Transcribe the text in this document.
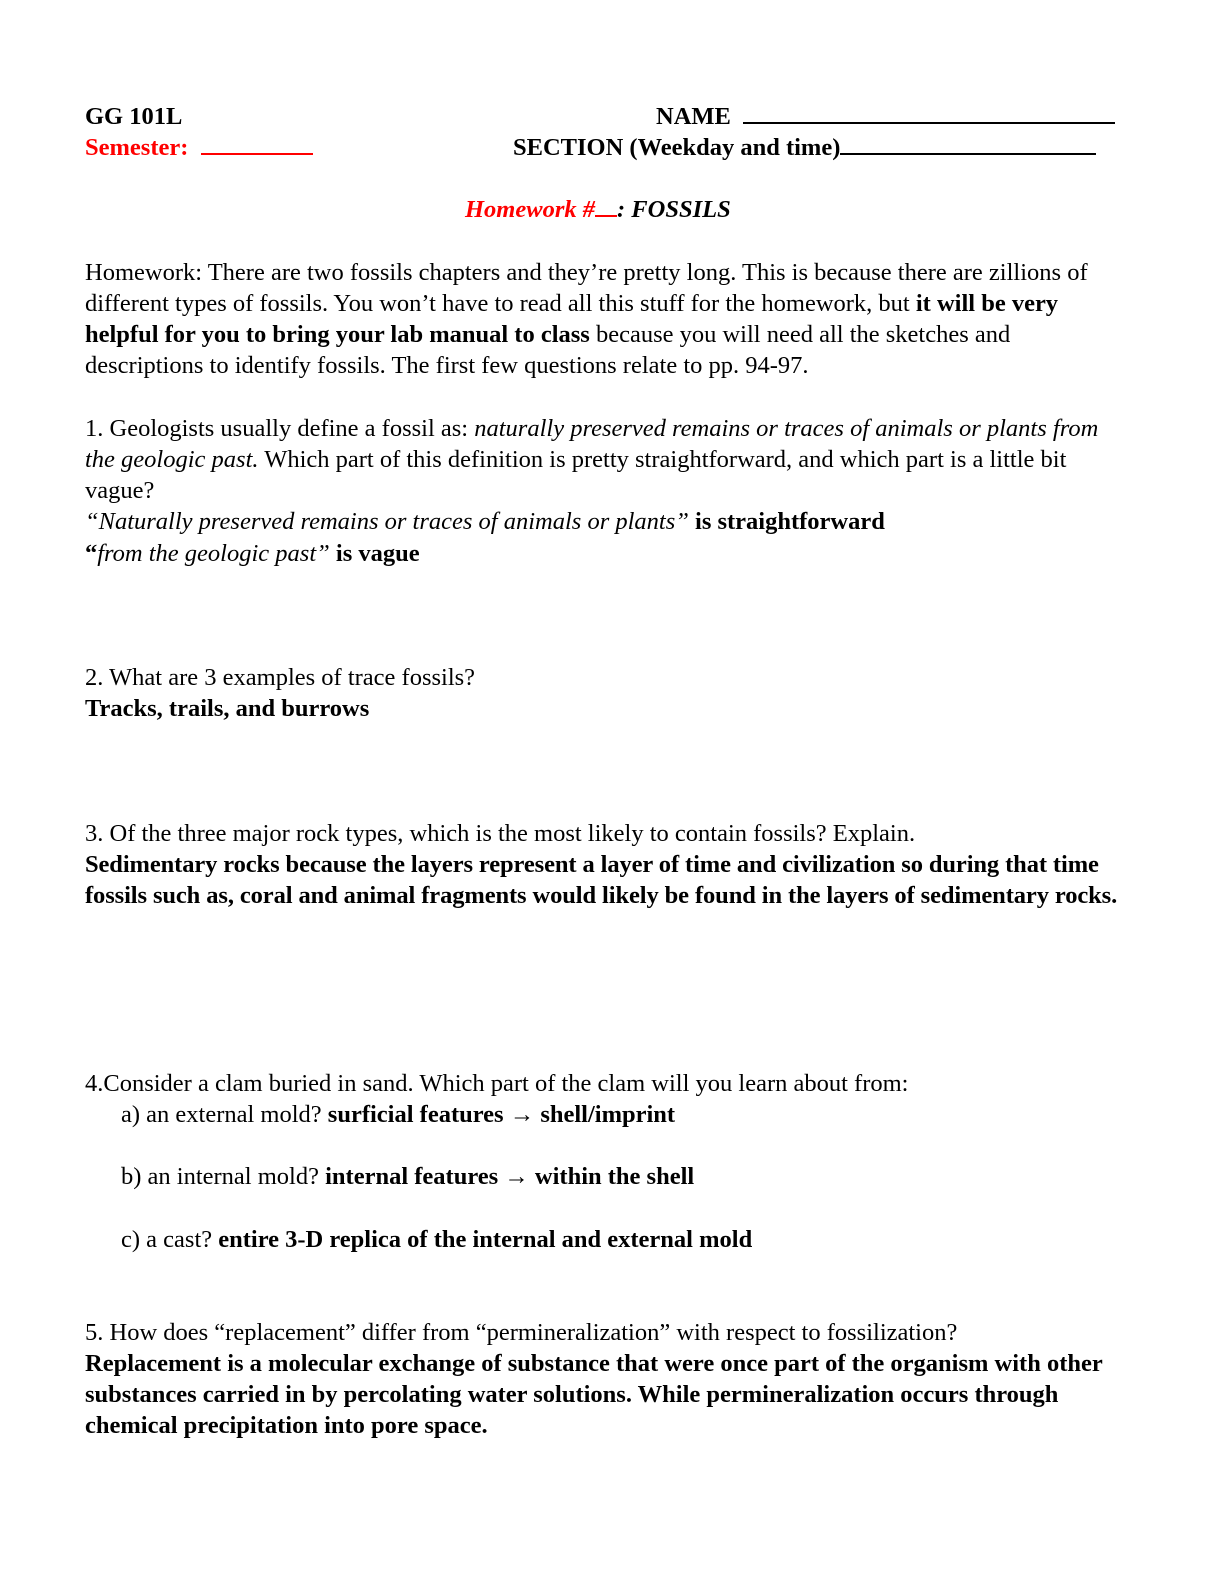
GG 101L
Semester:
NAME
SECTION (Weekday and time)
Homework # : FOSSILS
Homework: There are two fossils chapters and they’re pretty long. This is because there are zillions of different types of fossils. You won’t have to read all this stuff for the homework, but it will be very helpful for you to bring your lab manual to class because you will need all the sketches and descriptions to identify fossils. The first few questions relate to pp. 94-97.
1. Geologists usually define a fossil as: naturally preserved remains or traces of animals or plants from the geologic past. Which part of this definition is pretty straightforward, and which part is a little bit vague?
“Naturally preserved remains or traces of animals or plants” is straightforward
“from the geologic past” is vague
2. What are 3 examples of trace fossils?
Tracks, trails, and burrows
3. Of the three major rock types, which is the most likely to contain fossils? Explain.
Sedimentary rocks because the layers represent a layer of time and civilization so during that time fossils such as, coral and animal fragments would likely be found in the layers of sedimentary rocks.
4.Consider a clam buried in sand. Which part of the clam will you learn about from:
a) an external mold? surficial features → shell/imprint
b) an internal mold? internal features → within the shell
c) a cast? entire 3-D replica of the internal and external mold
5. How does “replacement” differ from “permineralization” with respect to fossilization?
Replacement is a molecular exchange of substance that were once part of the organism with other substances carried in by percolating water solutions. While permineralization occurs through chemical precipitation into pore space.
